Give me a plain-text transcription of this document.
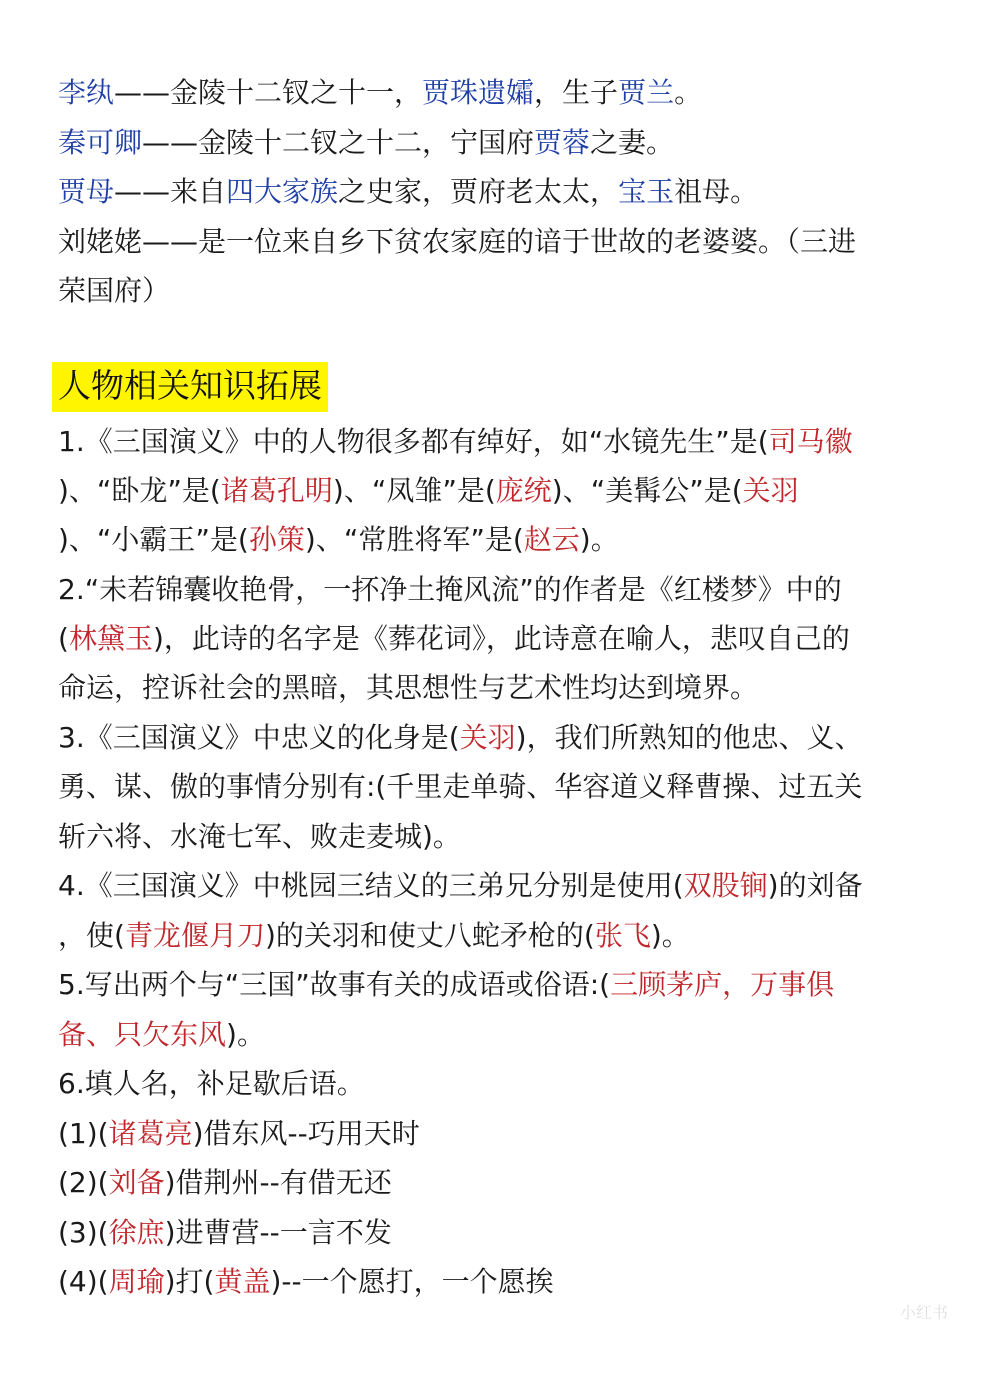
李纨——金陵十二钗之十一，贾珠遗孀，生子贾兰。
秦可卿——金陵十二钗之十二，宁国府贾蓉之妻。
贾母——来自四大家族之史家，贾府老太太，宝玉祖母。
刘姥姥——是一位来自乡下贫农家庭的谙于世故的老婆婆。（三进
荣国府）
人物相关知识拓展
1.《三国演义》中的人物很多都有绰好，如“水镜先生”是(司马徽
)、“卧龙”是(诸葛孔明)、“凤雏”是(庞统)、“美髯公”是(关羽
)、“小霸王”是(孙策)、“常胜将军”是(赵云)。
2.“未若锦囊收艳骨，一抔净土掩风流”的作者是《红楼梦》中的
(林黛玉)，此诗的名字是《葬花词》，此诗意在喻人，悲叹自己的
命运，控诉社会的黑暗，其思想性与艺术性均达到境界。
3.《三国演义》中忠义的化身是(关羽)，我们所熟知的他忠、义、
勇、谋、傲的事情分别有:(千里走单骑、华容道义释曹操、过五关
斩六将、水淹七军、败走麦城)。
4.《三国演义》中桃园三结义的三弟兄分别是使用(双股锏)的刘备
，使(青龙偃月刀)的关羽和使丈八蛇矛枪的(张飞)。
5.写出两个与“三国”故事有关的成语或俗语:(三顾茅庐，万事俱
备、只欠东风)。
6.填人名，补足歇后语。
(1)(诸葛亮)借东风--巧用天时
(2)(刘备)借荆州--有借无还
(3)(徐庶)进曹营--一言不发
(4)(周瑜)打(黄盖)--一个愿打，一个愿挨
小红书
